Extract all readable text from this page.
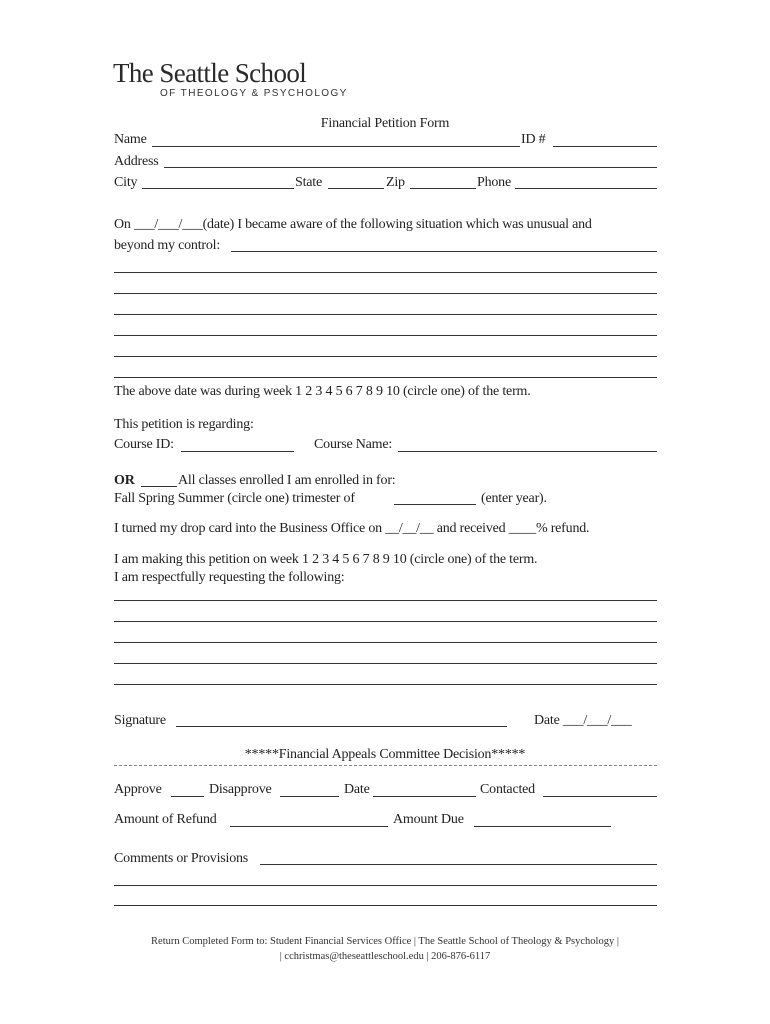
The Seattle School
OF THEOLOGY & PSYCHOLOGY
Financial Petition Form
Name	ID #
Address
City	State	Zip	Phone
On ___/___/___(date) I became aware of the following situation which was unusual and
beyond my control:
The above date was during week 1 2 3 4 5 6 7 8 9 10 (circle one) of the term.
This petition is regarding:
Course ID:	Course Name:
OR	All classes enrolled I am enrolled in for:
Fall Spring Summer (circle one) trimester of	(enter year).
I turned my drop card into the Business Office on __/__/__ and received ____% refund.
I am making this petition on week 1 2 3 4 5 6 7 8 9 10 (circle one) of the term.
I am respectfully requesting the following:
Signature	Date ___/___/___
*****Financial Appeals Committee Decision*****
Approve	Disapprove	Date	Contacted
Amount of Refund	Amount Due
Comments or Provisions
Return Completed Form to: Student Financial Services Office | The Seattle School of Theology & Psychology |
| cchristmas@theseattleschool.edu | 206-876-6117
